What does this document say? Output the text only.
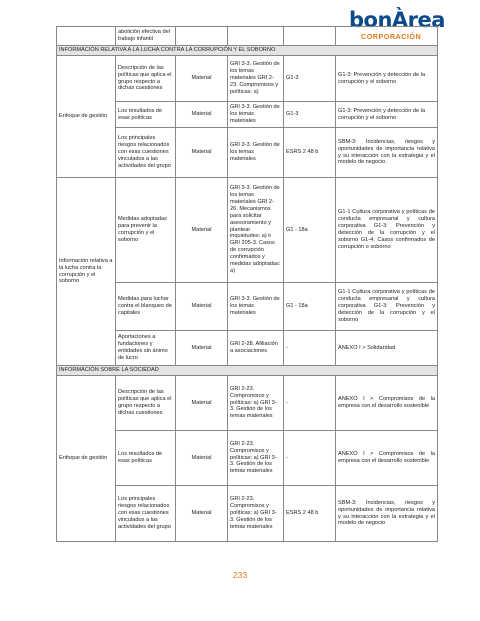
bonÀrea
CORPORACIÓN
	abolición efectiva del trabajo infantil				
INFORMACIÓN RELATIVA A LA LUCHA CONTRA LA CORRUPCIÓN Y EL SOBORNO					
Enfoque de gestión	Descripción de las políticas que aplica el grupo respecto a dichas cuestiones	Material	GRI 3-3. Gestión de los temas materiales GRI 2-23. Compromisos y políticas: a)	G1-3	G1-3: Prevención y detección de la corrupción y el soborno
	Los resultados de esas políticas	Material	GRI 3-3. Gestión de los temas materiales	G1-3	G1-3: Prevención y detección de la corrupción y el soborno
	Los principales riesgos relacionados con esas cuestiones vinculados a las actividades del grupo	Material	GRI 3-3. Gestión de los temas materiales	ESRS 2 48 b	SBM-3: Incidencias, riesgos y oportunidades de importancia relativa y su interacción con la estrategia y el modelo de negocio.
Información relativa a la lucha contra la corrupción y el soborno	Medidas adoptadas para prevenir la corrupción y el soborno	Material	GRI 3-3. Gestión de los temas materiales GRI 2-26. Mecanismos para solicitar asesoramiento y plantear inquietudes: a) ii GRI 205-3. Casos de corrupción confirmados y medidas adoptadas: a)	G1 - 18a	G1-1 Cultura corporativa y políticas de conducta empresarial y cultura corporativa G1-3: Prevención y detección de la corrupción y el soborno G1-4: Casos confirmados de corrupción o soborno
	Medidas para luchar contra el blanqueo de capitales	Material	GRI 3-3. Gestión de los temas materiales	G1 - 18a	G1-1 Cultura corporativa y políticas de conducta empresarial y cultura corporativa G1-3: Prevención y detección de la corrupción y el soborno
	Aportaciones a fundaciones y entidades sin ánimo de lucro	Material	GRI 2-28. Afiliación a asociaciones	-	ANEXO I > Solidaridad
INFORMACIÓN SOBRE LA SOCIEDAD					
Enfoque de gestión	Descripción de las políticas que aplica el grupo respecto a dichas cuestiones	Material	GRI 2-23. Compromisos y políticas: a) GRI 3-3. Gestión de los temas materiales	-	ANEXO I > Compromisos de la empresa con el desarrollo sostenible
	Los resultados de esas políticas	Material	GRI 2-23. Compromisos y políticas: a) GRI 3-3. Gestión de los temas materiales	-	ANEXO I > Compromisos de la empresa con el desarrollo sostenible
	Los principales riesgos relacionados con esas cuestiones vinculados a las actividades del grupo	Material	GRI 2-23. Compromisos y políticas: a) GRI 3-3. Gestión de los temas materiales	ESRS 2 48 b	SBM-3: Incidencias, riesgos y oportunidades de importancia relativa y su interacción con la estrategia y el modelo de negocio
233
